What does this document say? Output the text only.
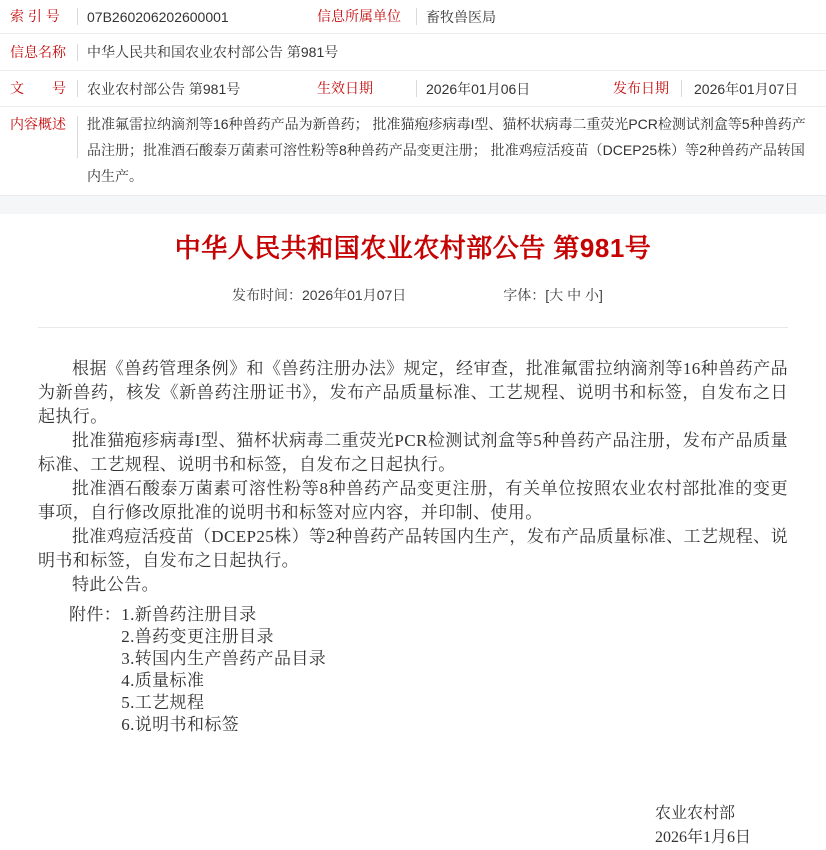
索 引 号	07B260206202600001	信息所属单位	畜牧兽医局
信息名称	中华人民共和国农业农村部公告 第981号
文　　号	农业农村部公告 第981号	生效日期	2026年01月06日	发布日期	2026年01月07日
内容概述	批准氟雷拉纳滴剂等16种兽药产品为新兽药； 批准猫疱疹病毒I型、猫杯状病毒二重荧光PCR检测试剂盒等5种兽药产品注册；批准酒石酸泰万菌素可溶性粉等8种兽药产品变更注册； 批准鸡痘活疫苗（DCEP25株）等2种兽药产品转国内生产。
中华人民共和国农业农村部公告 第981号
发布时间：2026年01月07日	字体：[大 中 小]

根据《兽药管理条例》和《兽药注册办法》规定，经审查，批准氟雷拉纳滴剂等16种兽药产品为新兽药，核发《新兽药注册证书》，发布产品质量标准、工艺规程、说明书和标签，自发布之日起执行。

批准猫疱疹病毒I型、猫杯状病毒二重荧光PCR检测试剂盒等5种兽药产品注册，发布产品质量标准、工艺规程、说明书和标签，自发布之日起执行。

批准酒石酸泰万菌素可溶性粉等8种兽药产品变更注册，有关单位按照农业农村部批准的变更事项，自行修改原批准的说明书和标签对应内容，并印制、使用。

批准鸡痘活疫苗（DCEP25株）等2种兽药产品转国内生产，发布产品质量标准、工艺规程、说明书和标签，自发布之日起执行。

特此公告。

附件： 1.新兽药注册目录
2.兽药变更注册目录
3.转国内生产兽药产品目录
4.质量标准
5.工艺规程
6.说明书和标签
农业农村部
2026年1月6日
